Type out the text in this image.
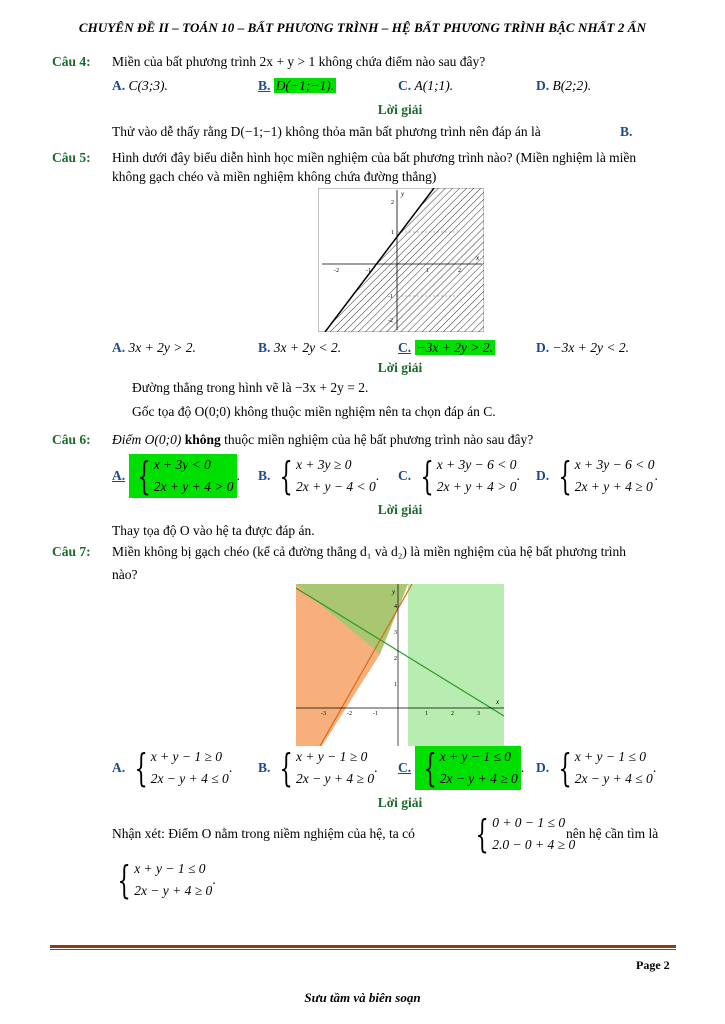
CHUYÊN ĐỀ II – TOÁN 10 – BẤT PHƯƠNG TRÌNH – HỆ BẤT PHƯƠNG TRÌNH BẬC NHẤT 2 ẨN
Câu 4: Miền của bất phương trình 2x + y > 1 không chứa điểm nào sau đây?
A. C(3;3).	B. D(−1;−1).	C. A(1;1).	D. B(2;2).
Lời giải
Thử vào dễ thấy rằng D(−1;−1) không thỏa mãn bất phương trình nên đáp án là	B.
Câu 5: Hình dưới đây biểu diễn hình học miền nghiệm của bất phương trình nào? (Miền nghiệm là miền
không gạch chéo và miền nghiệm không chứa đường thẳng)
-2	-1	1	2
2
1
-1
-2
x
y
A. 3x + 2y > 2.	B. 3x + 2y < 2.	C. −3x + 2y > 2.	D. −3x + 2y < 2.
Lời giải
Đường thẳng trong hình vẽ là −3x + 2y = 2.
Gốc tọa độ O(0;0) không thuộc miền nghiệm nên ta chọn đáp án C.
Câu 6: Điểm O(0;0) không thuộc miền nghiệm của hệ bất phương trình nào sau đây?
A. { x + 3y < 0
2x + y + 4 > 0
. B. { x + 3y ≥ 0
2x + y − 4 < 0
. C. { x + 3y − 6 < 0
2x + y + 4 > 0
. D. { x + 3y − 6 < 0
2x + y + 4 ≥ 0
.
Lời giải
Thay tọa độ O vào hệ ta được đáp án.
Câu 7: Miền không bị gạch chéo (kể cả đường thẳng d₁ và d₂) là miền nghiệm của hệ bất phương trình
nào?
-3	-2	-1	1	2	3
4
3
2
1
x
y
A. { x + y − 1 ≥ 0
2x − y + 4 ≤ 0
. B. { x + y − 1 ≥ 0
2x − y + 4 ≥ 0
. C. { x + y − 1 ≤ 0
2x − y + 4 ≥ 0
. D. { x + y − 1 ≤ 0
2x − y + 4 ≤ 0
.
Lời giải
Nhận xét: Điểm O nằm trong niềm nghiệm của hệ, ta có { 0 + 0 − 1 ≤ 0
2.0 − 0 + 4 ≥ 0
nên hệ cần tìm là
{ x + y − 1 ≤ 0
2x − y + 4 ≥ 0
.
Page 2
Sưu tầm và biên soạn
